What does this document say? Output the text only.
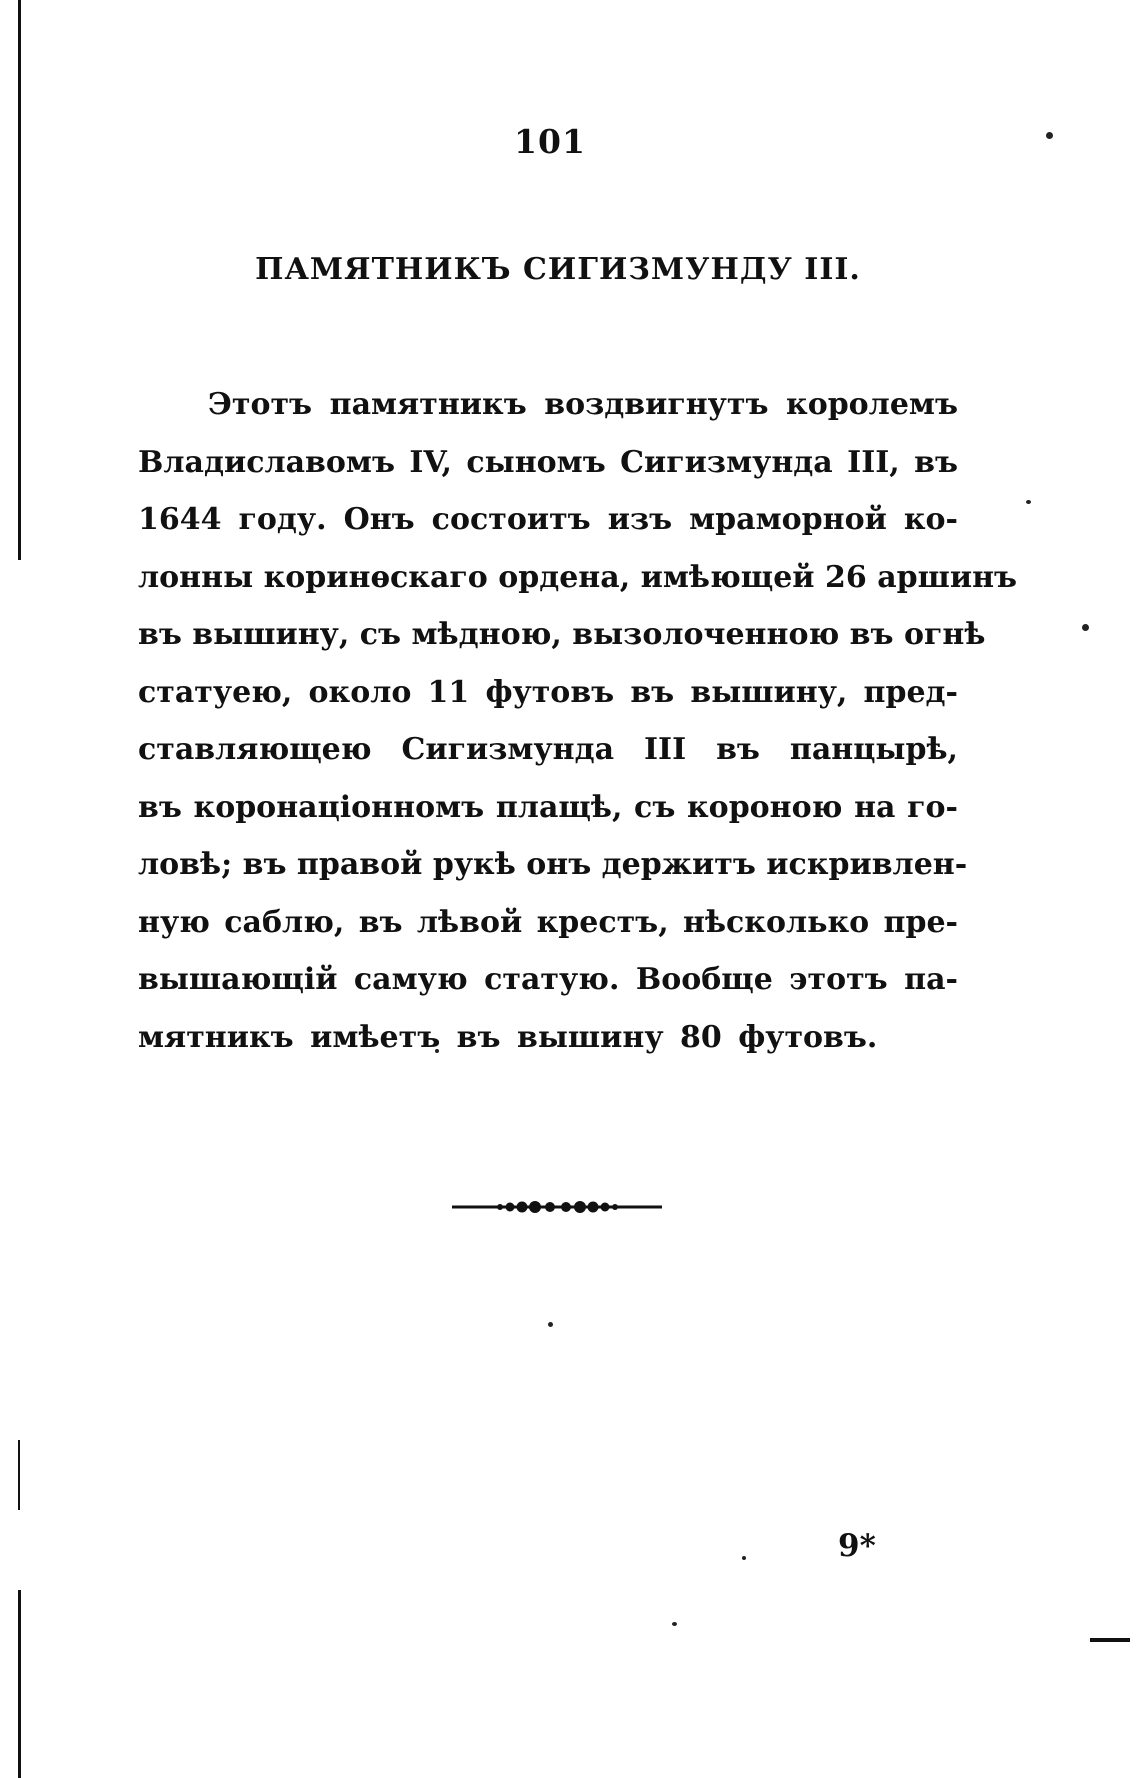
101
ПАМЯТНИКЪ СИГИЗМУНДУ III.
Этотъ памятникъ воздвигнутъ королемъ
Владиславомъ IV, сыномъ Сигизмунда III, въ
1644 году. Онъ состоитъ изъ мраморной ко-
лонны коринѳскаго ордена, имѣющей 26 аршинъ
въ вышину, съ мѣдною, вызолоченною въ огнѣ
статуею, около 11 футовъ въ вышину, пред-
ставляющею Сигизмунда III въ панцырѣ,
въ коронаціонномъ плащѣ, съ короною на го-
ловѣ; въ правой рукѣ онъ держитъ искривлен-
ную саблю, въ лѣвой крестъ, нѣсколько пре-
вышающій самую статую. Вообще этотъ па-
мятникъ имѣетъ въ вышину 80 футовъ.
9*
